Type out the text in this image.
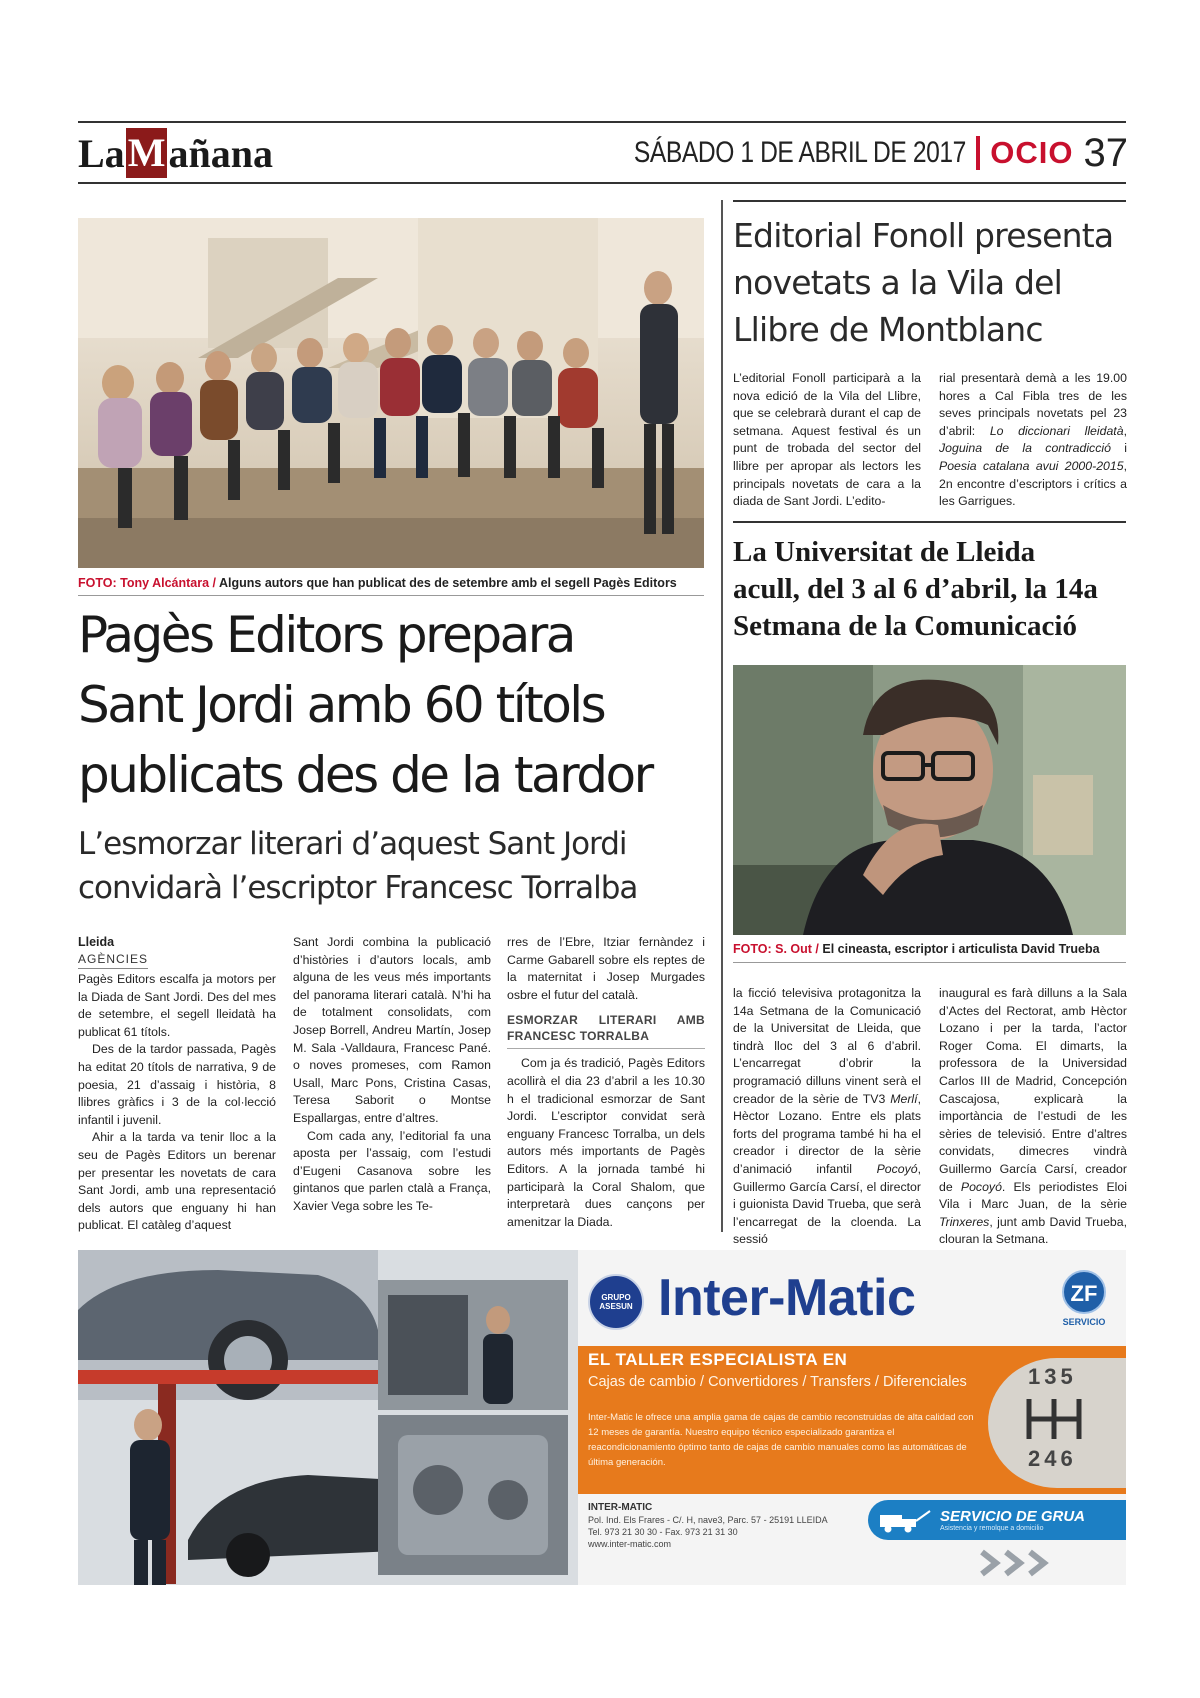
La M añana	SÁBADO 1 DE ABRIL DE 2017 OCIO 37
FOTO: Tony Alcántara / Alguns autors que han publicat des de setembre amb el segell Pagès Editors
Pagès Editors prepara
Sant Jordi amb 60 títols
publicats des de la tardor
L’esmorzar literari d’aquest Sant Jordi
convidarà l’escriptor Francesc Torralba
Lleida
AGÈNCIES

Pagès Editors escalfa ja motors per la Diada de Sant Jordi. Des del mes de setembre, el segell lleidatà ha publicat 61 títols.

Des de la tardor passada, Pagès ha editat 20 títols de narrativa, 9 de poesia, 21 d’assaig i història, 8 llibres gràfics i 3 de la col·lecció infantil i juvenil.

Ahir a la tarda va tenir lloc a la seu de Pagès Editors un berenar per presentar les novetats de cara Sant Jordi, amb una representació dels autors que enguany hi han publicat. El catàleg d’aquest

Sant Jordi combina la publicació d’històries i d’autors locals, amb alguna de les veus més importants del panorama literari català. N’hi ha de totalment consolidats, com Josep Borrell, Andreu Martín, Josep M. Sala -Valldaura, Francesc Pané. o noves promeses, com Ramon Usall, Marc Pons, Cristina Casas, Teresa Saborit o Montse Espallargas, entre d’altres.

Com cada any, l’editorial fa una aposta per l’assaig, com l’estudi d’Eugeni Casanova sobre les gintanos que parlen ctalà a França, Xavier Vega sobre les Te-

rres de l’Ebre, Itziar fernàndez i Carme Gabarell sobre els reptes de la maternitat i Josep Murgades osbre el futur del català.

ESMORZAR LITERARI AMB FRANCESC TORRALBA

Com ja és tradició, Pagès Editors acollirà el dia 23 d’abril a les 10.30 h el tradicional esmorzar de Sant Jordi. L’escriptor convidat serà enguany Francesc Torralba, un dels autors més importants de Pagès Editors. A la jornada també hi participarà la Coral Shalom, que interpretarà dues cançons per amenitzar la Diada.

Editorial Fonoll presenta
novetats a la Vila del
Llibre de Montblanc

L’editorial Fonoll participarà a la nova edició de la Vila del Llibre, que se celebrarà durant el cap de setmana. Aquest festival és un punt de trobada del sector del llibre per apropar als lectors les principals novetats de cara a la diada de Sant Jordi. L’edito-

rial presentarà demà a les 19.00 hores a Cal Fibla tres de les seves principals novetats pel 23 d’abril: Lo diccionari lleidatà, Joguina de la contradicció i Poesia catalana avui 2000-2015, 2n encontre d’escriptors i crítics a les Garrigues.

La Universitat de Lleida
acull, del 3 al 6 d’abril, la 14a
Setmana de la Comunicació
FOTO: S. Out / El cineasta, escriptor i articulista David Trueba

la ficció televisiva protagonitza la 14a Setmana de la Comunicació de la Universitat de Lleida, que tindrà lloc del 3 al 6 d’abril. L’encarregat d’obrir la programació dilluns vinent serà el creador de la sèrie de TV3 Merlí, Hèctor Lozano. Entre els plats forts del programa també hi ha el creador i director de la sèrie d’animació infantil Pocoyó, Guillermo García Carsí, el director i guionista David Trueba, que serà l’encarregat de la cloenda. La sessió

inaugural es farà dilluns a la Sala d’Actes del Rectorat, amb Hèctor Lozano i per la tarda, l’actor Roger Coma. El dimarts, la professora de la Universidad Carlos III de Madrid, Concepción Cascajosa, explicarà la importància de l’estudi de les sèries de televisió. Entre d’altres convidats, dimecres vindrà Guillermo García Carsí, creador de Pocoyó. Els periodistes Eloi Vila i Marc Juan, de la sèrie Trinxeres, junt amb David Trueba, clouran la Setmana.

GRUPO ASESUN Inter-Matic	ZF
SERVICIO
EL TALLER ESPECIALISTA EN
Cajas de cambio / Convertidores / Transfers / Diferenciales
Inter-Matic le ofrece una amplia gama de cajas de cambio reconstruidas de alta calidad con 12 meses de garantía. Nuestro equipo técnico especializado garantiza el reacondicionamiento óptimo tanto de cajas de cambio manuales como las automáticas de última generación.
135
246
INTER-MATIC
Pol. Ind. Els Frares - C/. H, nave3, Parc. 57 - 25191 LLEIDA
Tel. 973 21 30 30 - Fax. 973 21 31 30
www.inter-matic.com
SERVICIO DE GRUA
Asistencia y remolque a domicilio
